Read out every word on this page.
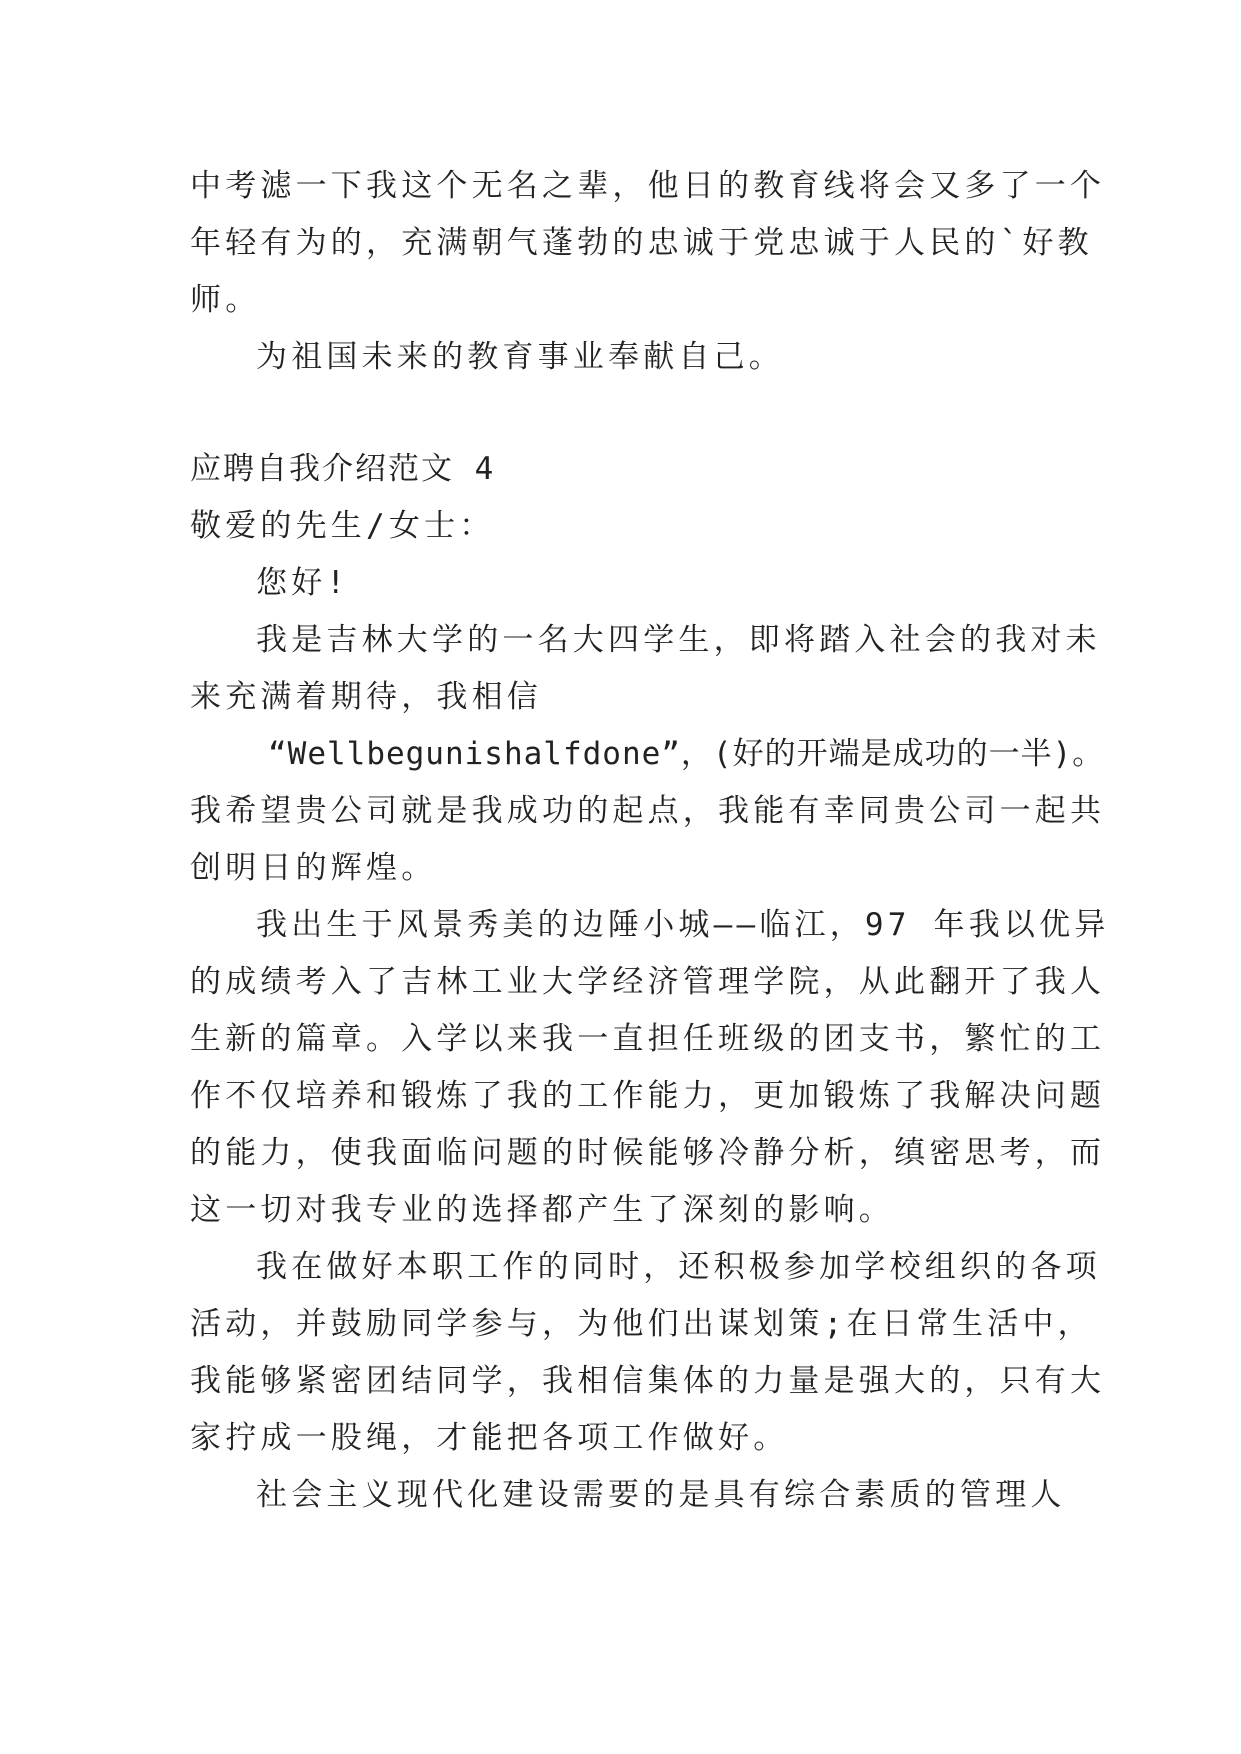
中考滤一下我这个无名之辈，他日的教育线将会又多了一个
年轻有为的，充满朝气蓬勃的忠诚于党忠诚于人民的`好教
师。
为祖国未来的教育事业奉献自己。
应聘自我介绍范文 4
敬爱的先生/女士：
您好!
我是吉林大学的一名大四学生，即将踏入社会的我对未
来充满着期待，我相信
“Wellbegunishalfdone”，(好的开端是成功的一半)。
我希望贵公司就是我成功的起点，我能有幸同贵公司一起共
创明日的辉煌。
我出生于风景秀美的边陲小城——临江，97 年我以优异
的成绩考入了吉林工业大学经济管理学院，从此翻开了我人
生新的篇章。入学以来我一直担任班级的团支书，繁忙的工
作不仅培养和锻炼了我的工作能力，更加锻炼了我解决问题
的能力，使我面临问题的时候能够冷静分析，缜密思考，而
这一切对我专业的选择都产生了深刻的影响。
我在做好本职工作的同时，还积极参加学校组织的各项
活动，并鼓励同学参与，为他们出谋划策;在日常生活中，
我能够紧密团结同学，我相信集体的力量是强大的，只有大
家拧成一股绳，才能把各项工作做好。
社会主义现代化建设需要的是具有综合素质的管理人
